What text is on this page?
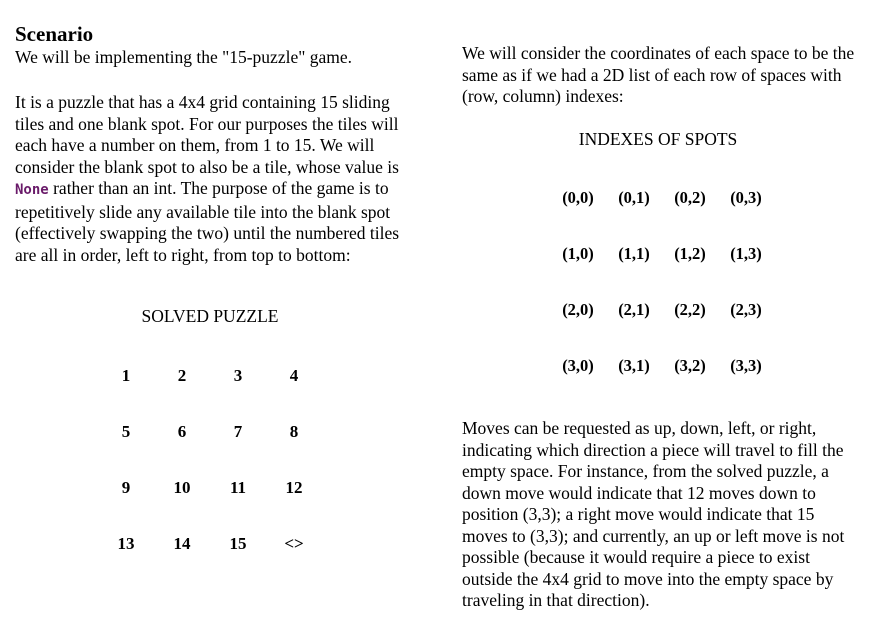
Scenario

We will be implementing the "15-puzzle" game.

It is a puzzle that has a 4x4 grid containing 15 sliding tiles and one blank spot. For our purposes the tiles will each have a number on them, from 1 to 15. We will consider the blank spot to also be a tile, whose value is None rather than an int. The purpose of the game is to repetitively slide any available tile into the blank spot (effectively swapping the two) until the numbered tiles are all in order, left to right, from top to bottom:

SOLVED PUZZLE
1	2	3	4
5	6	7	8
9	10	11	12
13	14	15	<>

We will consider the coordinates of each space to be the same as if we had a 2D list of each row of spaces with (row, column) indexes:

INDEXES OF SPOTS
(0,0)	(0,1)	(0,2)	(0,3)
(1,0)	(1,1)	(1,2)	(1,3)
(2,0)	(2,1)	(2,2)	(2,3)
(3,0)	(3,1)	(3,2)	(3,3)

Moves can be requested as up, down, left, or right, indicating which direction a piece will travel to fill the empty space. For instance, from the solved puzzle, a down move would indicate that 12 moves down to position (3,3); a right move would indicate that 15 moves to (3,3); and currently, an up or left move is not possible (because it would require a piece to exist outside the 4x4 grid to move into the empty space by traveling in that direction).
